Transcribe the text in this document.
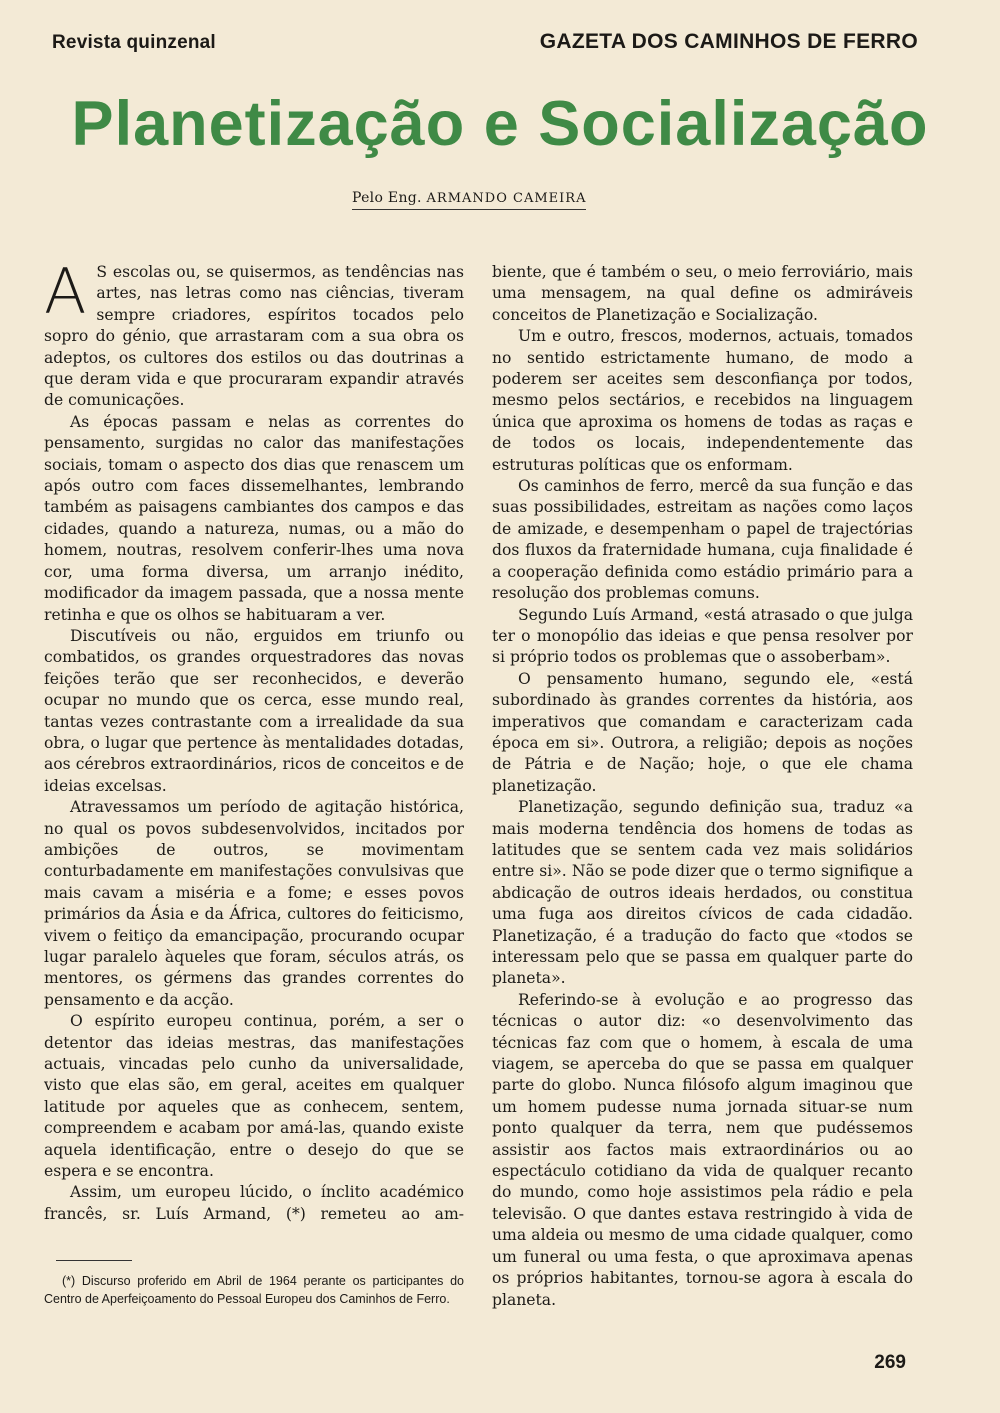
Revista quinzenal	GAZETA DOS CAMINHOS DE FERRO
Planetização e Socialização
Pelo Eng. ARMANDO CAMEIRA

A S escolas ou, se quisermos, as tendências nas artes, nas letras como nas ciências, tiveram sempre criadores, espíritos tocados pelo sopro do génio, que arrastaram com a sua obra os adeptos, os cultores dos estilos ou das doutrinas a que deram vida e que procuraram expandir através de comunicações.

As épocas passam e nelas as correntes do pensamento, surgidas no calor das manifestações sociais, tomam o aspecto dos dias que renascem um após outro com faces dissemelhantes, lembrando também as paisagens cambiantes dos campos e das cidades, quando a natureza, numas, ou a mão do homem, noutras, resolvem conferir-lhes uma nova cor, uma forma diversa, um arranjo inédito, modificador da imagem passada, que a nossa mente retinha e que os olhos se habituaram a ver.

Discutíveis ou não, erguidos em triunfo ou combatidos, os grandes orquestradores das novas feições terão que ser reconhecidos, e deverão ocupar no mundo que os cerca, esse mundo real, tantas vezes contrastante com a irrealidade da sua obra, o lugar que pertence às mentalidades dotadas, aos cérebros extraordinários, ricos de conceitos e de ideias excelsas.

Atravessamos um período de agitação histórica, no qual os povos subdesenvolvidos, incitados por ambições de outros, se movimentam conturbadamente em manifestações convulsivas que mais cavam a miséria e a fome; e esses povos primários da Ásia e da África, cultores do feiticismo, vivem o feitiço da emancipação, procurando ocupar lugar paralelo àqueles que foram, séculos atrás, os mentores, os gérmens das grandes correntes do pensamento e da acção.

O espírito europeu continua, porém, a ser o detentor das ideias mestras, das manifestações actuais, vincadas pelo cunho da universalidade, visto que elas são, em geral, aceites em qualquer latitude por aqueles que as conhecem, sentem, compreendem e acabam por amá-las, quando existe aquela identificação, entre o desejo do que se espera e se encontra.

Assim, um europeu lúcido, o ínclito académico francês, sr. Luís Armand, (*) remeteu ao am-

biente, que é também o seu, o meio ferroviário, mais uma mensagem, na qual define os admiráveis conceitos de Planetização e Socialização.

Um e outro, frescos, modernos, actuais, tomados no sentido estrictamente humano, de modo a poderem ser aceites sem desconfiança por todos, mesmo pelos sectários, e recebidos na linguagem única que aproxima os homens de todas as raças e de todos os locais, independentemente das estruturas políticas que os enformam.

Os caminhos de ferro, mercê da sua função e das suas possibilidades, estreitam as nações como laços de amizade, e desempenham o papel de trajectórias dos fluxos da fraternidade humana, cuja finalidade é a cooperação definida como estádio primário para a resolução dos problemas comuns.

Segundo Luís Armand, «está atrasado o que julga ter o monopólio das ideias e que pensa resolver por si próprio todos os problemas que o assoberbam».

O pensamento humano, segundo ele, «está subordinado às grandes correntes da história, aos imperativos que comandam e caracterizam cada época em si». Outrora, a religião; depois as noções de Pátria e de Nação; hoje, o que ele chama planetização.

Planetização, segundo definição sua, traduz «a mais moderna tendência dos homens de todas as latitudes que se sentem cada vez mais solidários entre si». Não se pode dizer que o termo signifique a abdicação de outros ideais herdados, ou constitua uma fuga aos direitos cívicos de cada cidadão. Planetização, é a tradução do facto que «todos se interessam pelo que se passa em qualquer parte do planeta».

Referindo-se à evolução e ao progresso das técnicas o autor diz: «o desenvolvimento das técnicas faz com que o homem, à escala de uma viagem, se aperceba do que se passa em qualquer parte do globo. Nunca filósofo algum imaginou que um homem pudesse numa jornada situar-se num ponto qualquer da terra, nem que pudéssemos assistir aos factos mais extraordinários ou ao espectáculo cotidiano da vida de qualquer recanto do mundo, como hoje assistimos pela rádio e pela televisão. O que dantes estava restringido à vida de uma aldeia ou mesmo de uma cidade qualquer, como um funeral ou uma festa, o que aproximava apenas os próprios habitantes, tornou-se agora à escala do planeta.

(*) Discurso proferido em Abril de 1964 perante os participantes do Centro de Aperfeiçoamento do Pessoal Europeu dos Caminhos de Ferro.
269
